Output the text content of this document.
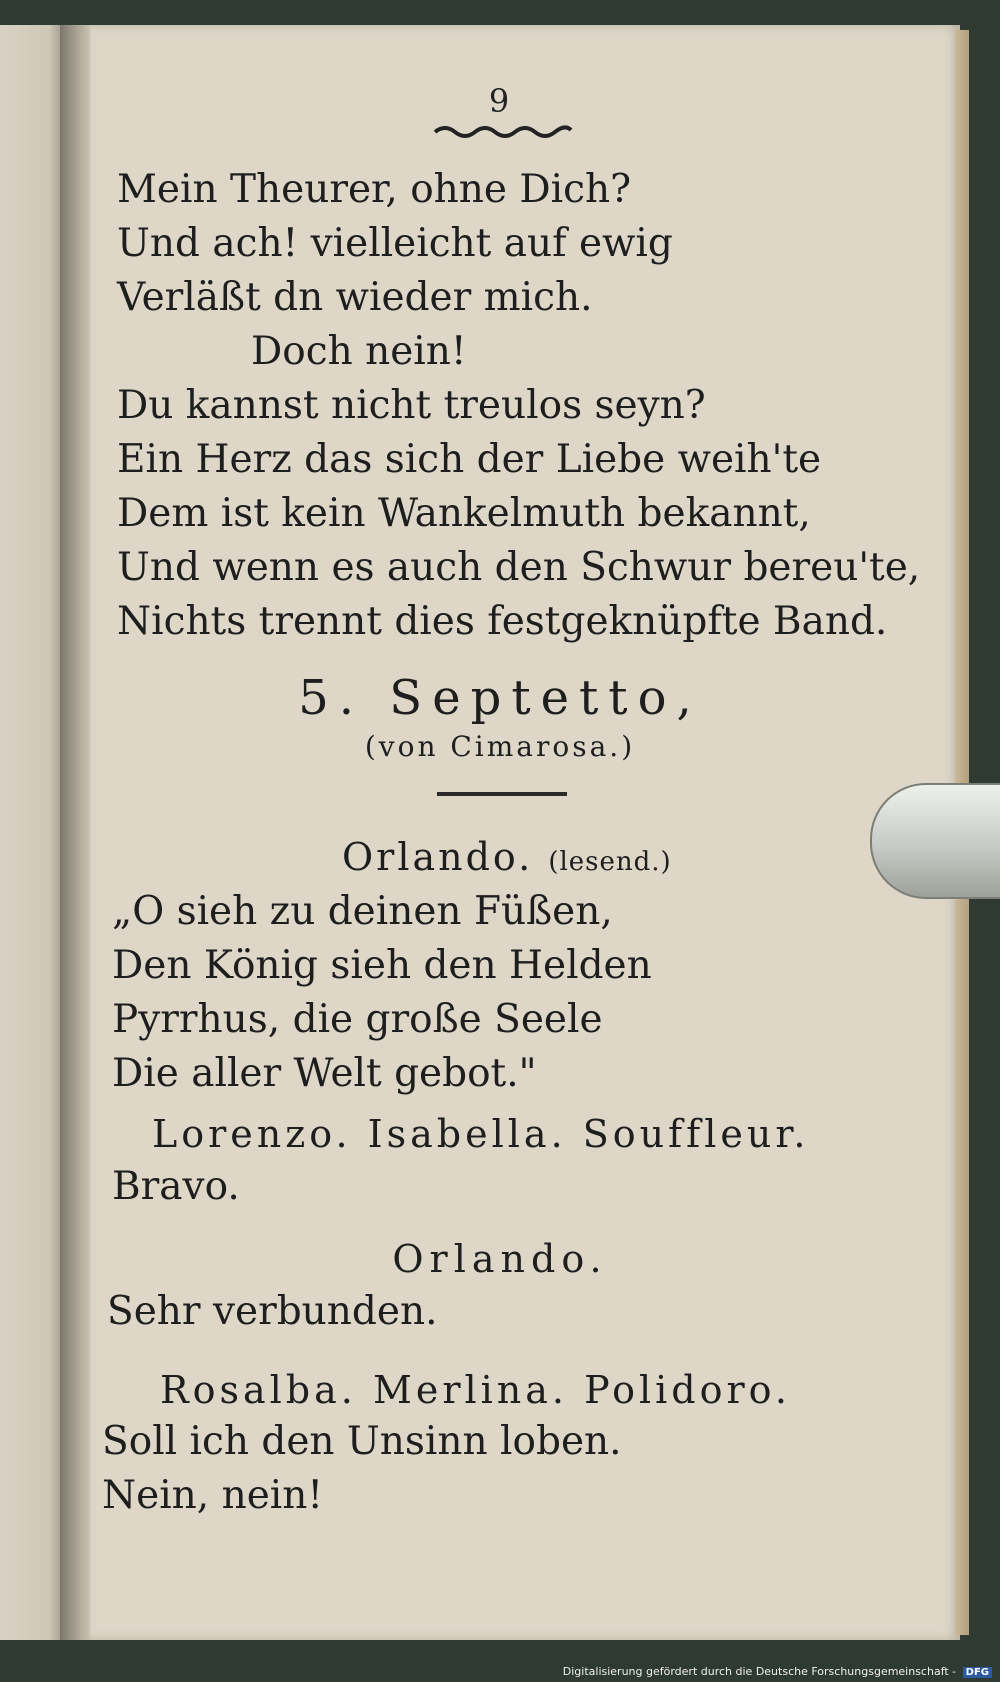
9
Mein Theurer, ohne Dich?
Und ach! vielleicht auf ewig
Verläßt dn wieder mich.
Doch nein!
Du kannst nicht treulos seyn?
Ein Herz das sich der Liebe weih'te
Dem ist kein Wankelmuth bekannt,
Und wenn es auch den Schwur bereu'te,
Nichts trennt dies festgeknüpfte Band.
5. Septetto,
(von Cimarosa.)
Orlando. (lesend.)
„O sieh zu deinen Füßen,
Den König sieh den Helden
Pyrrhus, die große Seele
Die aller Welt gebot."
Lorenzo. Isabella. Souffleur.
Bravo.
Orlando.
Sehr verbunden.
Rosalba. Merlina. Polidoro.
Soll ich den Unsinn loben.
Nein, nein!
Digitalisierung gefördert durch die Deutsche Forschungsgemeinschaft - DFG
